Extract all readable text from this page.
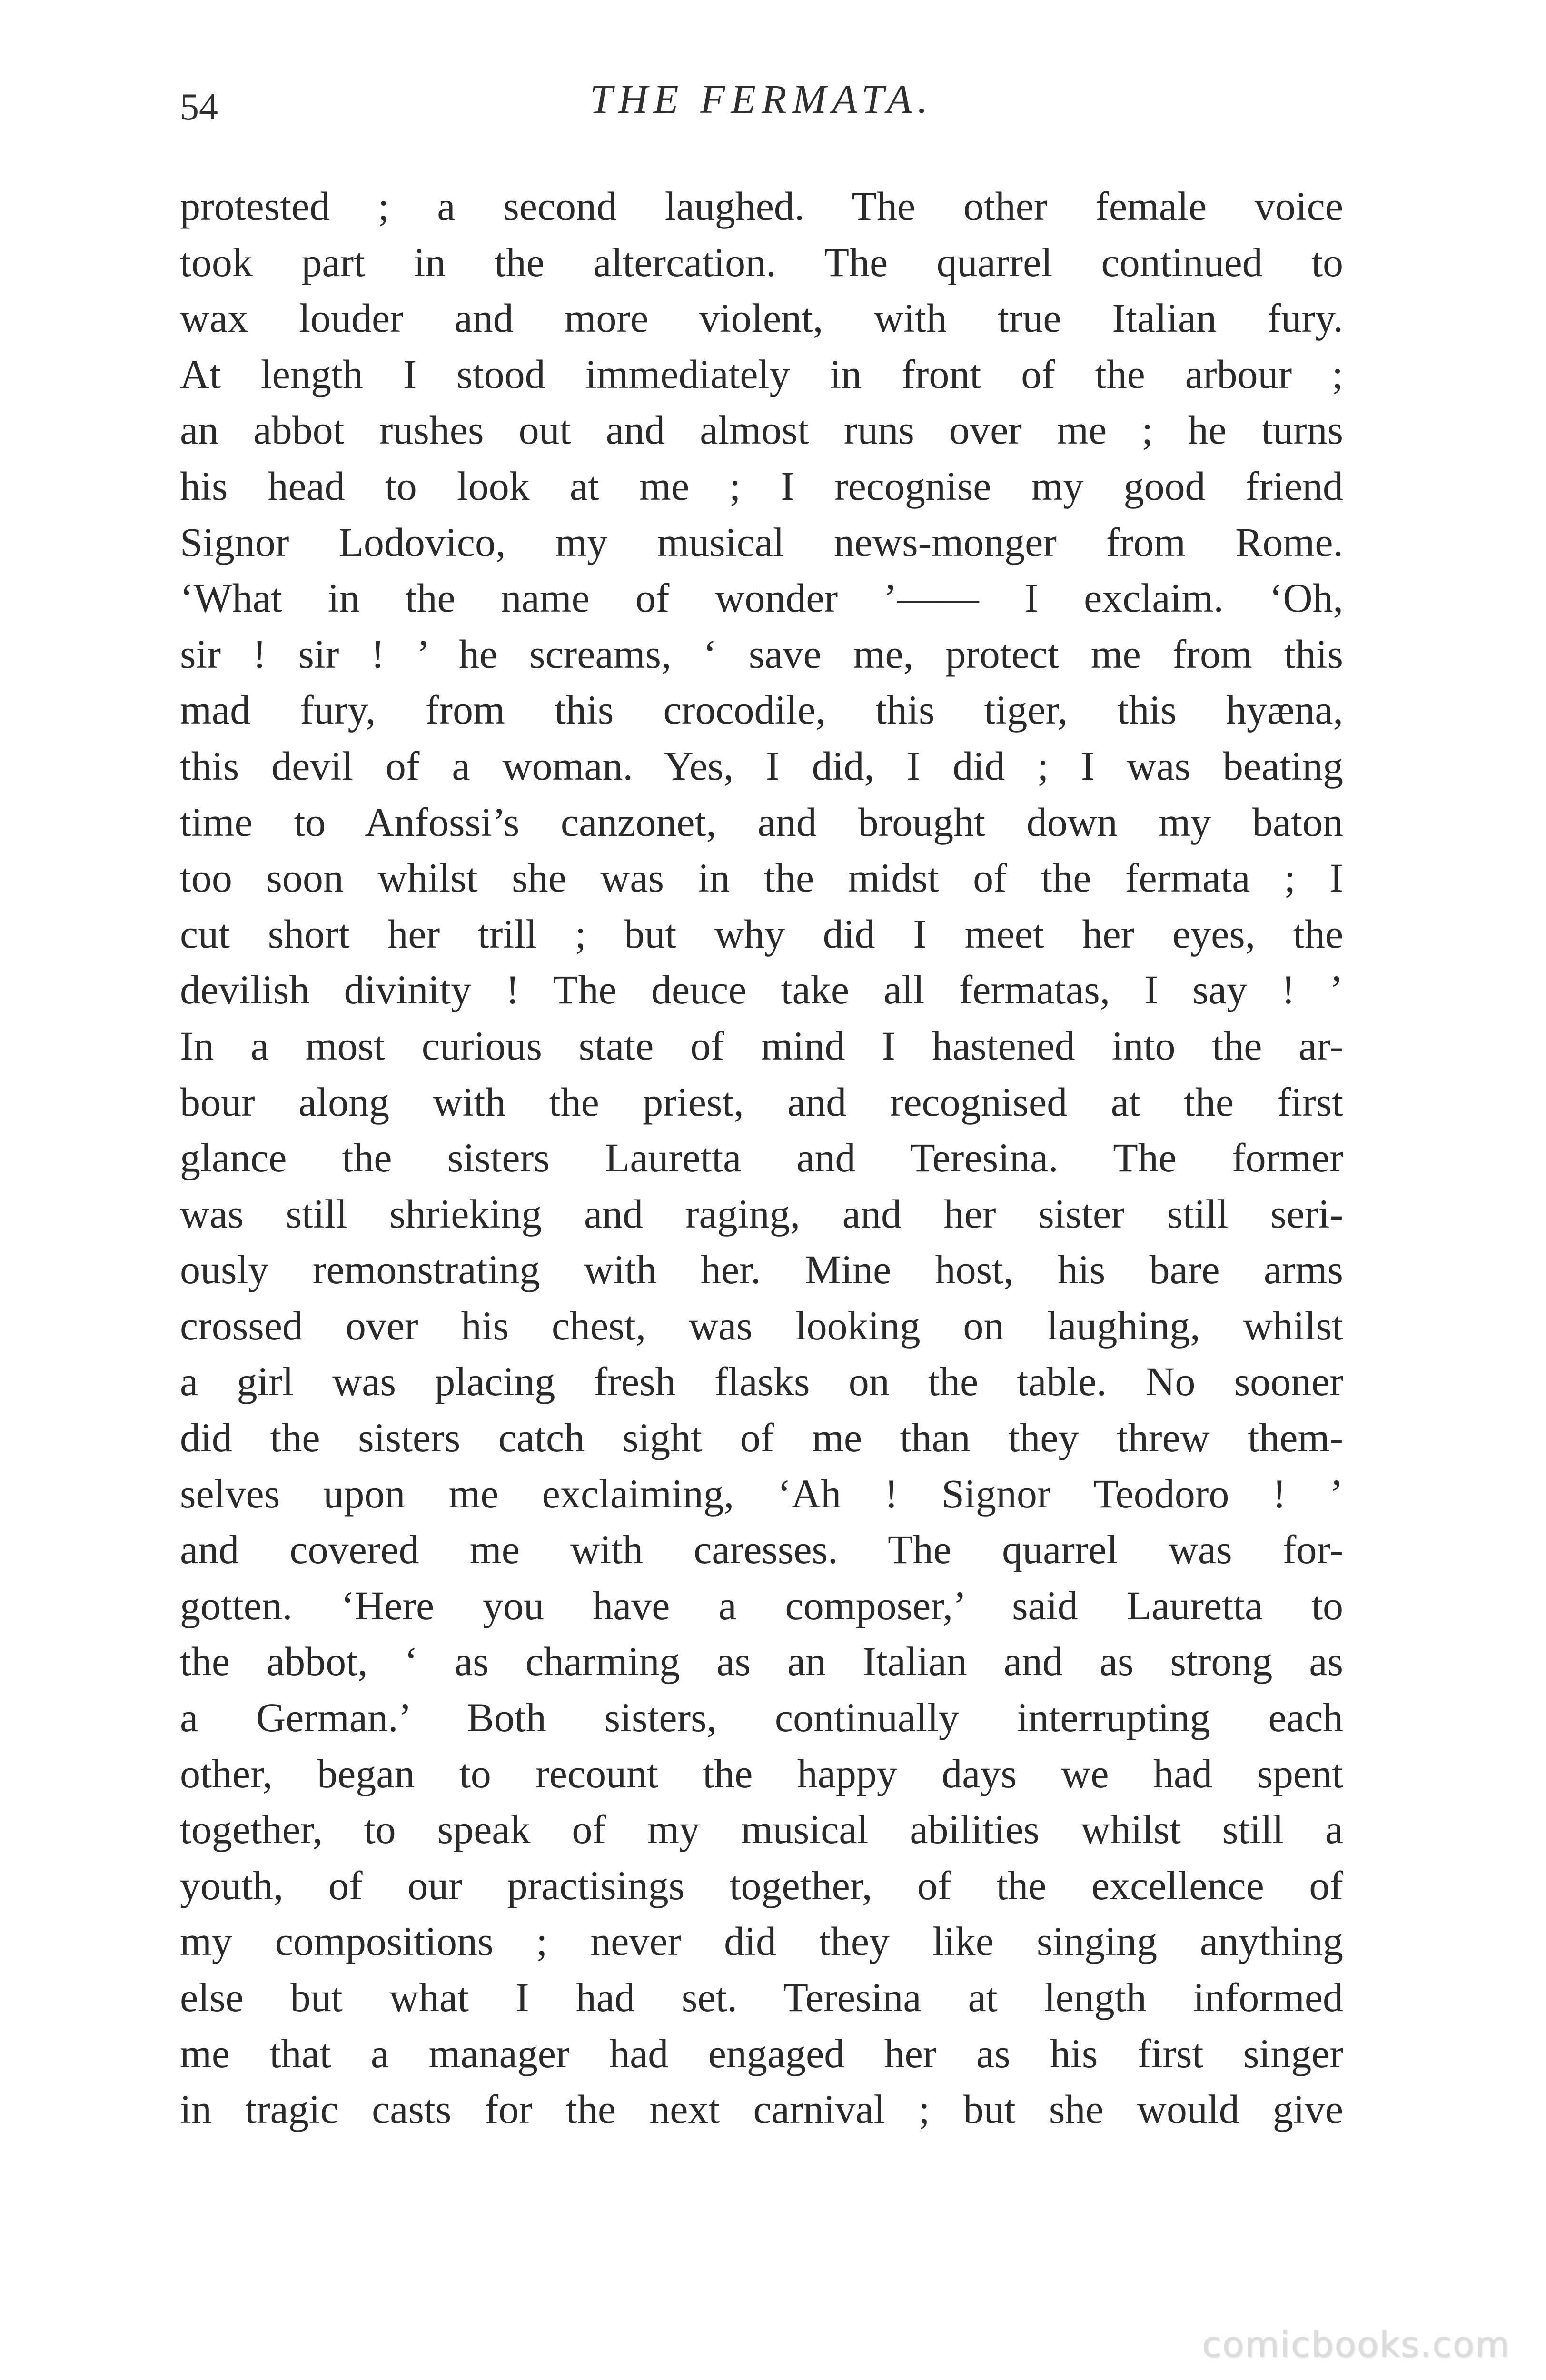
54	THE FERMATA.
protested ; a second laughed. The other female voice
took part in the altercation. The quarrel continued to
wax louder and more violent, with true Italian fury.
At length I stood immediately in front of the arbour ;
an abbot rushes out and almost runs over me ; he turns
his head to look at me ; I recognise my good friend
Signor Lodovico, my musical news-monger from Rome.
‘What in the name of wonder ’—— I exclaim. ‘Oh,
sir ! sir ! ’ he screams, ‘ save me, protect me from this
mad fury, from this crocodile, this tiger, this hyæna,
this devil of a woman. Yes, I did, I did ; I was beating
time to Anfossi’s canzonet, and brought down my baton
too soon whilst she was in the midst of the fermata ; I
cut short her trill ; but why did I meet her eyes, the
devilish divinity ! The deuce take all fermatas, I say ! ’
In a most curious state of mind I hastened into the ar-
bour along with the priest, and recognised at the first
glance the sisters Lauretta and Teresina. The former
was still shrieking and raging, and her sister still seri-
ously remonstrating with her. Mine host, his bare arms
crossed over his chest, was looking on laughing, whilst
a girl was placing fresh flasks on the table. No sooner
did the sisters catch sight of me than they threw them-
selves upon me exclaiming, ‘Ah ! Signor Teodoro ! ’
and covered me with caresses. The quarrel was for-
gotten. ‘Here you have a composer,’ said Lauretta to
the abbot, ‘ as charming as an Italian and as strong as
a German.’ Both sisters, continually interrupting each
other, began to recount the happy days we had spent
together, to speak of my musical abilities whilst still a
youth, of our practisings together, of the excellence of
my compositions ; never did they like singing anything
else but what I had set. Teresina at length informed
me that a manager had engaged her as his first singer
in tragic casts for the next carnival ; but she would give
comicbooks.com
